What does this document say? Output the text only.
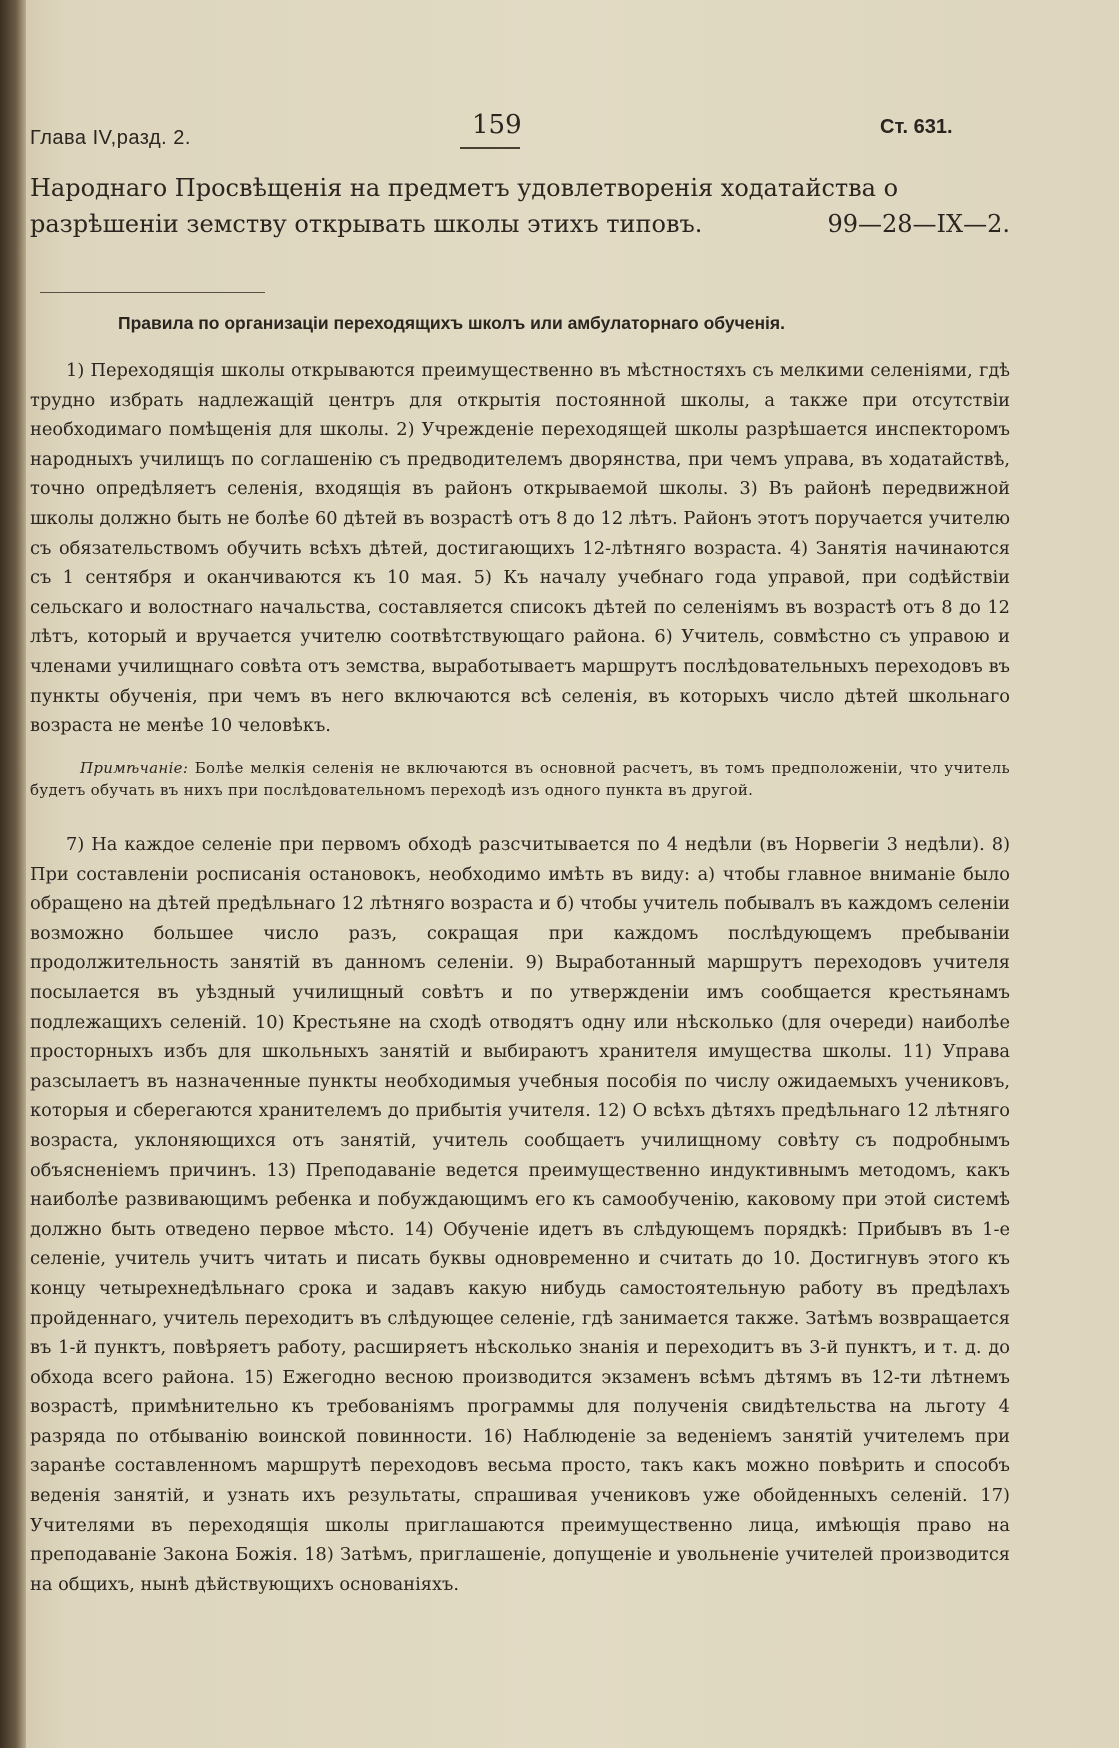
Глава IV,разд. 2.	159	Ст. 631.
Народнаго Просвѣщенія на предметъ удовлетворенія ходатайства о разрѣшеніи земству открывать школы этихъ типовъ.	99—28—IX—2.
Правила по организаціи переходящихъ школъ или амбулаторнаго обученія.

1) Переходящія школы открываются преимущественно въ мѣстностяхъ съ мелкими селеніями, гдѣ трудно избрать надлежащій центръ для открытія постоянной школы, а также при отсутствіи необходимаго помѣщенія для школы. 2) Учрежденіе переходящей школы разрѣшается инспекторомъ народныхъ училищъ по соглашенію съ предводителемъ дворянства, при чемъ управа, въ ходатайствѣ, точно опредѣляетъ селенія, входящія въ районъ открываемой школы. 3) Въ районѣ передвижной школы должно быть не болѣе 60 дѣтей въ возрастѣ отъ 8 до 12 лѣтъ. Районъ этотъ поручается учителю съ обязательствомъ обучить всѣхъ дѣтей, достигающихъ 12-лѣтняго возраста. 4) Занятія начинаются съ 1 сентября и оканчиваются къ 10 мая. 5) Къ началу учебнаго года управой, при содѣйствіи сельскаго и волостнаго начальства, составляется списокъ дѣтей по селеніямъ въ возрастѣ отъ 8 до 12 лѣтъ, который и вручается учителю соотвѣтствующаго района. 6) Учитель, совмѣстно съ управою и членами училищнаго совѣта отъ земства, выработываетъ маршрутъ послѣдовательныхъ переходовъ въ пункты обученія, при чемъ въ него включаются всѣ селенія, въ которыхъ число дѣтей школьнаго возраста не менѣе 10 человѣкъ.

Примѣчаніе: Болѣе мелкія селенія не включаются въ основной расчетъ, въ томъ предположеніи, что учитель будетъ обучать въ нихъ при послѣдовательномъ переходѣ изъ одного пункта въ другой.

7) На каждое селеніе при первомъ обходѣ разсчитывается по 4 недѣли (въ Норвегіи 3 недѣли). 8) При составленіи росписанія остановокъ, необходимо имѣть въ виду: а) чтобы главное вниманіе было обращено на дѣтей предѣльнаго 12 лѣтняго возраста и б) чтобы учитель побывалъ въ каждомъ селеніи возможно большее число разъ, сокращая при каждомъ послѣдующемъ пребываніи продолжительность занятій въ данномъ селеніи. 9) Выработанный маршрутъ переходовъ учителя посылается въ уѣздный училищный совѣтъ и по утвержденіи имъ сообщается крестьянамъ подлежащихъ селеній. 10) Крестьяне на сходѣ отводятъ одну или нѣсколько (для очереди) наиболѣе просторныхъ избъ для школьныхъ занятій и выбираютъ хранителя имущества школы. 11) Управа разсылаетъ въ назначенные пункты необходимыя учебныя пособія по числу ожидаемыхъ учениковъ, которыя и сберегаются хранителемъ до прибытія учителя. 12) О всѣхъ дѣтяхъ предѣльнаго 12 лѣтняго возраста, уклоняющихся отъ занятій, учитель сообщаетъ училищному совѣту съ подробнымъ объясненіемъ причинъ. 13) Преподаваніе ведется преимущественно индуктивнымъ методомъ, какъ наиболѣе развивающимъ ребенка и побуждающимъ его къ самообученію, каковому при этой системѣ должно быть отведено первое мѣсто. 14) Обученіе идетъ въ слѣдующемъ порядкѣ: Прибывъ въ 1-е селеніе, учитель учитъ читать и писать буквы одновременно и считать до 10. Достигнувъ этого къ концу четырехнедѣльнаго срока и задавъ какую нибудь самостоятельную работу въ предѣлахъ пройденнаго, учитель переходитъ въ слѣдующее селеніе, гдѣ занимается также. Затѣмъ возвращается въ 1-й пунктъ, повѣряетъ работу, расширяетъ нѣсколько знанія и переходитъ въ 3-й пунктъ, и т. д. до обхода всего района. 15) Ежегодно весною производится экзаменъ всѣмъ дѣтямъ въ 12-ти лѣтнемъ возрастѣ, примѣнительно къ требованіямъ программы для полученія свидѣтельства на льготу 4 разряда по отбыванію воинской повинности. 16) Наблюденіе за веденіемъ занятій учителемъ при заранѣе составленномъ маршрутѣ переходовъ весьма просто, такъ какъ можно повѣрить и способъ веденія занятій, и узнать ихъ результаты, спрашивая учениковъ уже обойденныхъ селеній. 17) Учителями въ переходящія школы приглашаются преимущественно лица, имѣющія право на преподаваніе Закона Божія. 18) Затѣмъ, приглашеніе, допущеніе и увольненіе учителей производится на общихъ, нынѣ дѣйствующихъ основаніяхъ.
